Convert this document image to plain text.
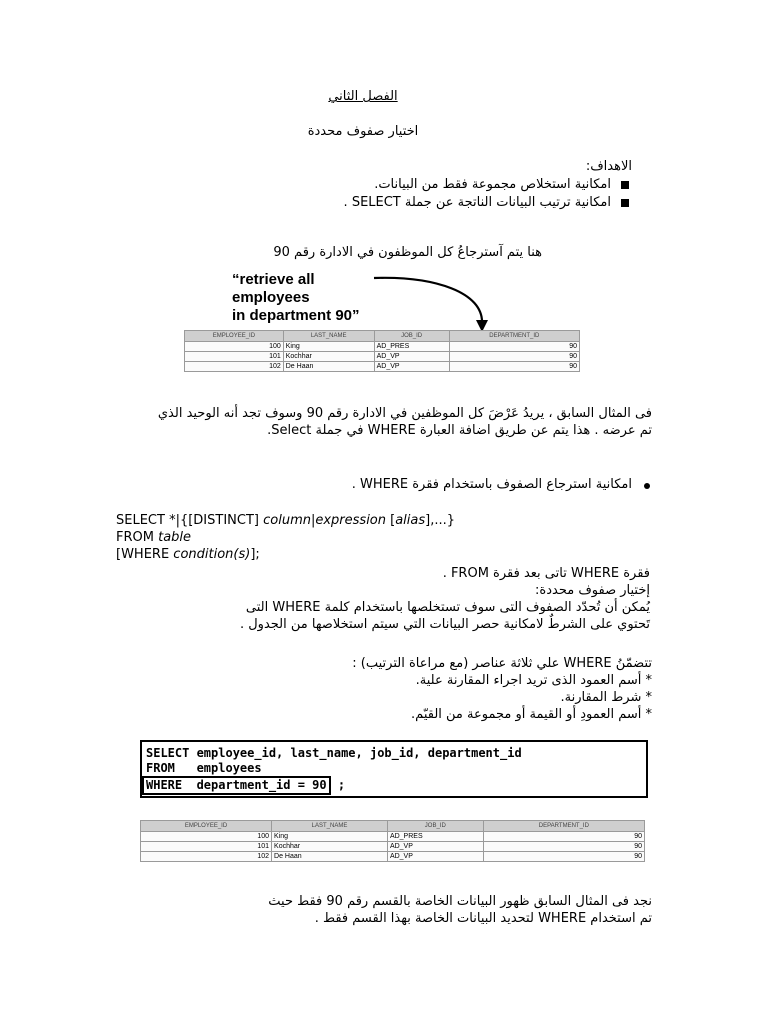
الفصل الثاني
اختيار صفوف محددة
الاهداف:
امكانية استخلاص مجموعة فقط من البيانات.
امكانية ترتيب البيانات الناتجة عن جملة SELECT .
هنا يتم آسترجاعُ كل الموظفون في الادارة رقم 90
“retrieve all
employees
in department 90”
EMPLOYEE_ID	LAST_NAME	JOB_ID	DEPARTMENT_ID
100	King	AD_PRES	90
101	Kochhar	AD_VP	90
102	De Haan	AD_VP	90
فى المثال السابق ، يريدُ عَرْضَ كل الموظفين في الادارة رقم 90 وسوف تجد أنه الوحيد الذي تم عرضه . هذا يتم عن طريق اضافة العبارة WHERE في جملة Select.
امكانية استرجاع الصفوف باستخدام فقرة WHERE .
SELECT *|{[DISTINCT] column|expression [alias],...}
FROM table
[WHERE condition(s)];
فقرة WHERE تاتى بعد فقرة FROM .
إختيار صفوف محددة:
يُمكن أن تُحدّد الصفوف التى سوف تستخلصها باستخدام كلمة WHERE التى
تَحتوي على الشرطٌ لامكانية حصر البيانات التي سيتم استخلاصها من الجدول .
تتضمّنُ WHERE علي ثلاثة عناصر (مع مراعاة الترتيب) :
* أسم العمود الذى تريد اجراء المقارنة علية.
* شرط المقارنة.
* أسم العمودِ أو القيمة أو مجموعة من القيّم.
SELECT employee_id, last_name, job_id, department_id
FROM   employees
WHERE  department_id = 90 ;
EMPLOYEE_ID	LAST_NAME	JOB_ID	DEPARTMENT_ID
100	King	AD_PRES	90
101	Kochhar	AD_VP	90
102	De Haan	AD_VP	90
نجد فى المثال السابق ظهور البيانات الخاصة بالقسم رقم 90 فقط حيث
تم استخدام WHERE لتحديد البيانات الخاصة بهذا القسم فقط .
